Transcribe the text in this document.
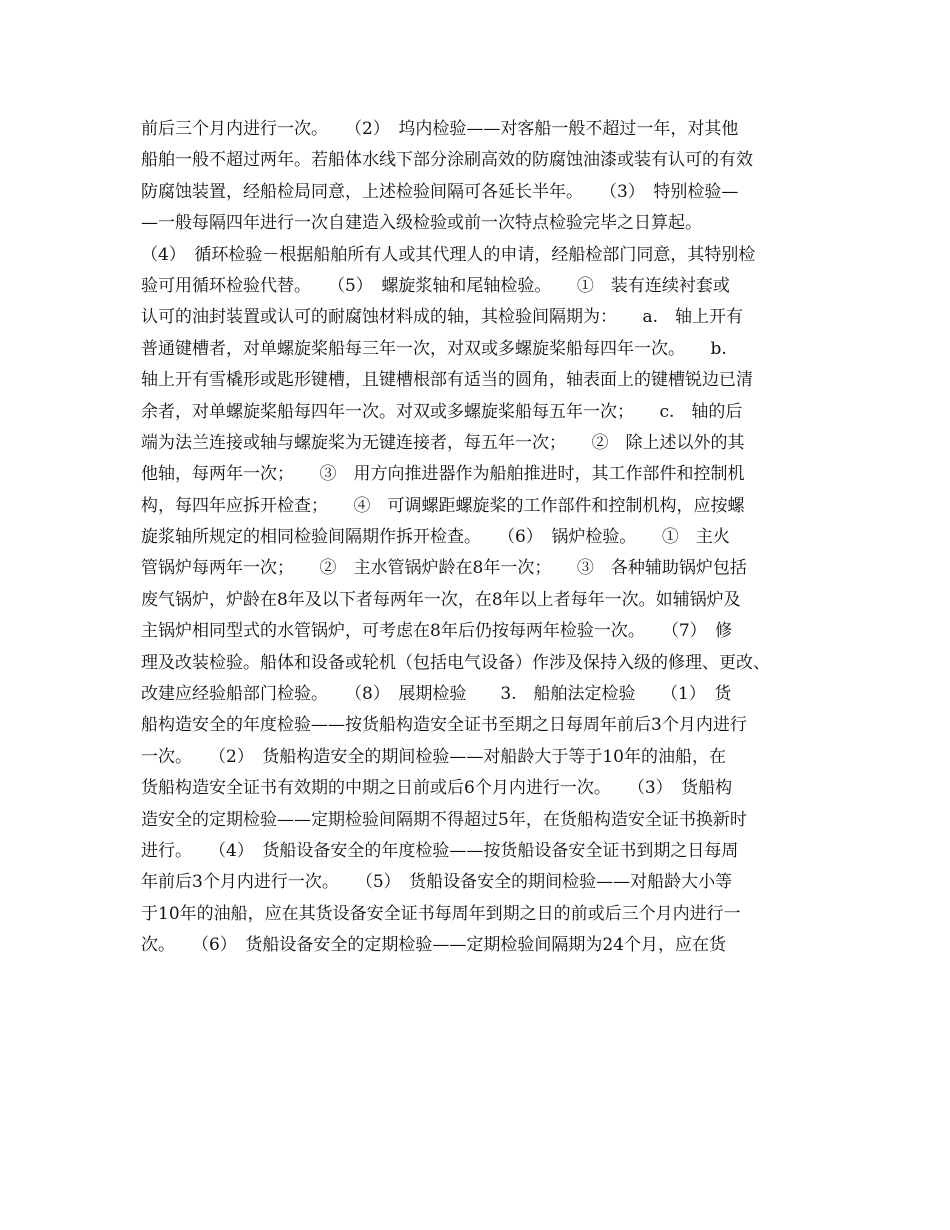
前后三个月内进行一次。　　（2）　坞内检验——对客船一般不超过一年，对其他
船舶一般不超过两年。若船体水线下部分涂刷高效的防腐蚀油漆或装有认可的有效
防腐蚀装置，经船检局同意，上述检验间隔可各延长半年。　　（3）　特别检验—
—一般每隔四年进行一次自建造入级检验或前一次特点检验完毕之日算起。
（4）　循环检验－根据船舶所有人或其代理人的申请，经船检部门同意，其特别检
验可用循环检验代替。　　（5）　螺旋浆轴和尾轴检验。　　①　装有连续衬套或
认可的油封装置或认可的耐腐蚀材料成的轴，其检验间隔期为：　　a.　轴上开有
普通键槽者，对单螺旋桨船每三年一次，对双或多螺旋桨船每四年一次。　　b.
轴上开有雪橇形或匙形键槽，且键槽根部有适当的圆角，轴表面上的键槽锐边已清
余者，对单螺旋桨船每四年一次。对双或多螺旋桨船每五年一次；　　c.　轴的后
端为法兰连接或轴与螺旋桨为无键连接者，每五年一次；　　②　除上述以外的其
他轴，每两年一次；　　③　用方向推进器作为船舶推进时，其工作部件和控制机
构，每四年应拆开检查；　　④　可调螺距螺旋桨的工作部件和控制机构，应按螺
旋浆轴所规定的相同检验间隔期作拆开检查。　　（6）　锅炉检验。　　①　主火
管锅炉每两年一次；　　②　主水管锅炉龄在8年一次；　　③　各种辅助锅炉包括
废气锅炉，炉龄在8年及以下者每两年一次，在8年以上者每年一次。如辅锅炉及
主锅炉相同型式的水管锅炉，可考虑在8年后仍按每两年检验一次。　　（7）　修
理及改装检验。船体和设备或轮机（包括电气设备）作涉及保持入级的修理、更改、
改建应经验船部门检验。　　（8）　展期检验　　3.　船舶法定检验　　（1）　货
船构造安全的年度检验——按货船构造安全证书至期之日每周年前后3个月内进行
一次。　　（2）　货船构造安全的期间检验——对船龄大于等于10年的油船，在
货船构造安全证书有效期的中期之日前或后6个月内进行一次。　　（3）　货船构
造安全的定期检验——定期检验间隔期不得超过5年，在货船构造安全证书换新时
进行。　　（4）　货船设备安全的年度检验——按货船设备安全证书到期之日每周
年前后3个月内进行一次。　　（5）　货船设备安全的期间检验——对船龄大小等
于10年的油船，应在其货设备安全证书每周年到期之日的前或后三个月内进行一
次。　　（6）　货船设备安全的定期检验——定期检验间隔期为24个月，应在货
